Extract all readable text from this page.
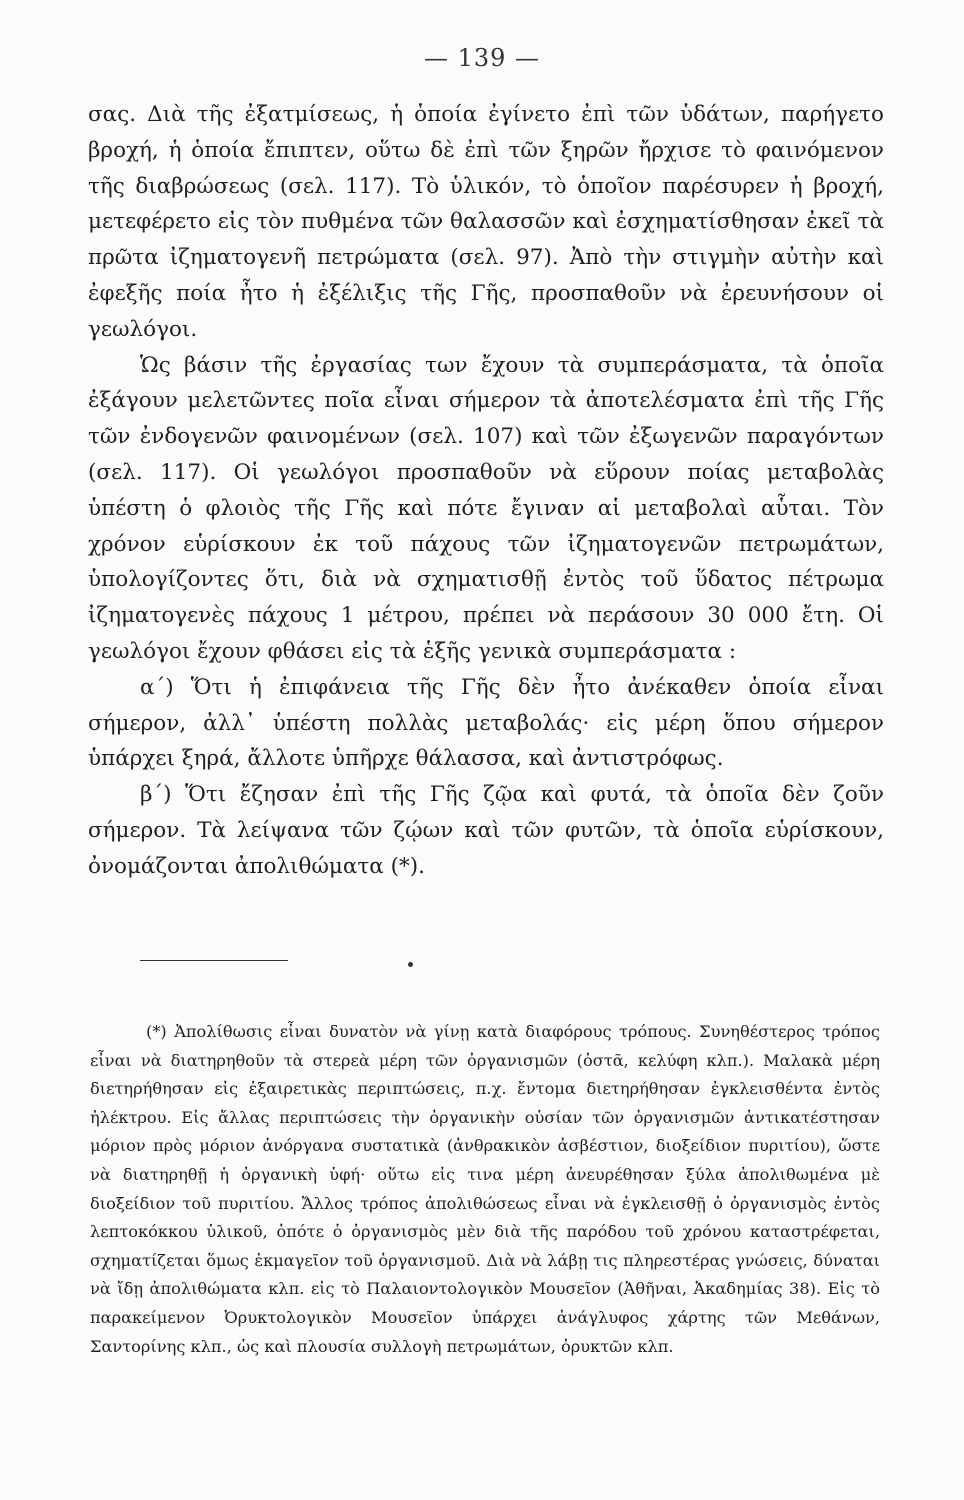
— 139 —

σας. Διὰ τῆς ἐξατμίσεως, ἡ ὁποία ἐγίνετο ἐπὶ τῶν ὑδάτων, παρήγετο βροχή, ἡ ὁποία ἔπιπτεν, οὕτω δὲ ἐπὶ τῶν ξηρῶν ἤρχισε τὸ φαινόμενον τῆς διαβρώσεως (σελ. 117). Τὸ ὑλικόν, τὸ ὁποῖον παρέσυρεν ἡ βροχή, μετεφέρετο εἰς τὸν πυθμένα τῶν θαλασσῶν καὶ ἐσχηματίσθησαν ἐκεῖ τὰ πρῶτα ἰζηματογενῆ πετρώματα (σελ. 97). Ἀπὸ τὴν στιγμὴν αὐτὴν καὶ ἐφεξῆς ποία ἦτο ἡ ἐξέλιξις τῆς Γῆς, προσπαθοῦν νὰ ἐρευνήσουν οἱ γεωλόγοι.

Ὡς βάσιν τῆς ἐργασίας των ἔχουν τὰ συμπεράσματα, τὰ ὁποῖα ἐξάγουν μελετῶντες ποῖα εἶναι σήμερον τὰ ἀποτελέσματα ἐπὶ τῆς Γῆς τῶν ἐνδογενῶν φαινομένων (σελ. 107) καὶ τῶν ἐξωγενῶν παραγόντων (σελ. 117). Οἱ γεωλόγοι προσπαθοῦν νὰ εὕρουν ποίας μεταβολὰς ὑπέστη ὁ φλοιὸς τῆς Γῆς καὶ πότε ἔγιναν αἱ μεταβολαὶ αὗται. Τὸν χρόνον εὑρίσκουν ἐκ τοῦ πάχους τῶν ἰζηματογενῶν πετρωμάτων, ὑπολογίζοντες ὅτι, διὰ νὰ σχηματισθῇ ἐντὸς τοῦ ὕδατος πέτρωμα ἰζηματογενὲς πάχους 1 μέτρου, πρέπει νὰ περάσουν 30 000 ἔτη. Οἱ γεωλόγοι ἔχουν φθάσει εἰς τὰ ἑξῆς γενικὰ συμπεράσματα :

α΄) Ὅτι ἡ ἐπιφάνεια τῆς Γῆς δὲν ἦτο ἀνέκαθεν ὁποία εἶναι σήμερον, ἀλλ᾽ ὑπέστη πολλὰς μεταβολάς· εἰς μέρη ὅπου σήμερον ὑπάρχει ξηρά, ἄλλοτε ὑπῆρχε θάλασσα, καὶ ἀντιστρόφως.

β΄) Ὅτι ἔζησαν ἐπὶ τῆς Γῆς ζῷα καὶ φυτά, τὰ ὁποῖα δὲν ζοῦν σήμερον. Τὰ λείψανα τῶν ζῴων καὶ τῶν φυτῶν, τὰ ὁποῖα εὑρίσκουν, ὀνομάζονται ἀπολιθώματα (*).

(*) Ἀπολίθωσις εἶναι δυνατὸν νὰ γίνῃ κατὰ διαφόρους τρόπους. Συνηθέστερος τρόπος εἶναι νὰ διατηρηθοῦν τὰ στερεὰ μέρη τῶν ὀργανισμῶν (ὀστᾶ, κελύφη κλπ.). Μαλακὰ μέρη διετηρήθησαν εἰς ἐξαιρετικὰς περιπτώσεις, π.χ. ἔντομα διετηρήθησαν ἐγκλεισθέντα ἐντὸς ἠλέκτρου. Εἰς ἄλλας περιπτώσεις τὴν ὀργανικὴν οὐσίαν τῶν ὀργανισμῶν ἀντικατέστησαν μόριον πρὸς μόριον ἀνόργανα συστατικὰ (ἀνθρακικὸν ἀσβέστιον, διοξείδιον πυριτίου), ὥστε νὰ διατηρηθῇ ἡ ὀργανικὴ ὑφή· οὕτω εἰς τινα μέρη ἀνευρέθησαν ξύλα ἀπολιθωμένα μὲ διοξείδιον τοῦ πυριτίου. Ἄλλος τρόπος ἀπολιθώσεως εἶναι νὰ ἐγκλεισθῇ ὁ ὀργανισμὸς ἐντὸς λεπτοκόκκου ὑλικοῦ, ὁπότε ὁ ὀργανισμὸς μὲν διὰ τῆς παρόδου τοῦ χρόνου καταστρέφεται, σχηματίζεται ὅμως ἐκμαγεῖον τοῦ ὀργανισμοῦ. Διὰ νὰ λάβῃ τις πληρεστέρας γνώσεις, δύναται νὰ ἴδῃ ἀπολιθώματα κλπ. εἰς τὸ Παλαιοντολογικὸν Μουσεῖον (Ἀθῆναι, Ἀκαδημίας 38). Εἰς τὸ παρακείμενον Ὀρυκτολογικὸν Μουσεῖον ὑπάρχει ἀνάγλυφος χάρτης τῶν Μεθάνων, Σαντορίνης κλπ., ὡς καὶ πλουσία συλλογὴ πετρωμάτων, ὀρυκτῶν κλπ.
